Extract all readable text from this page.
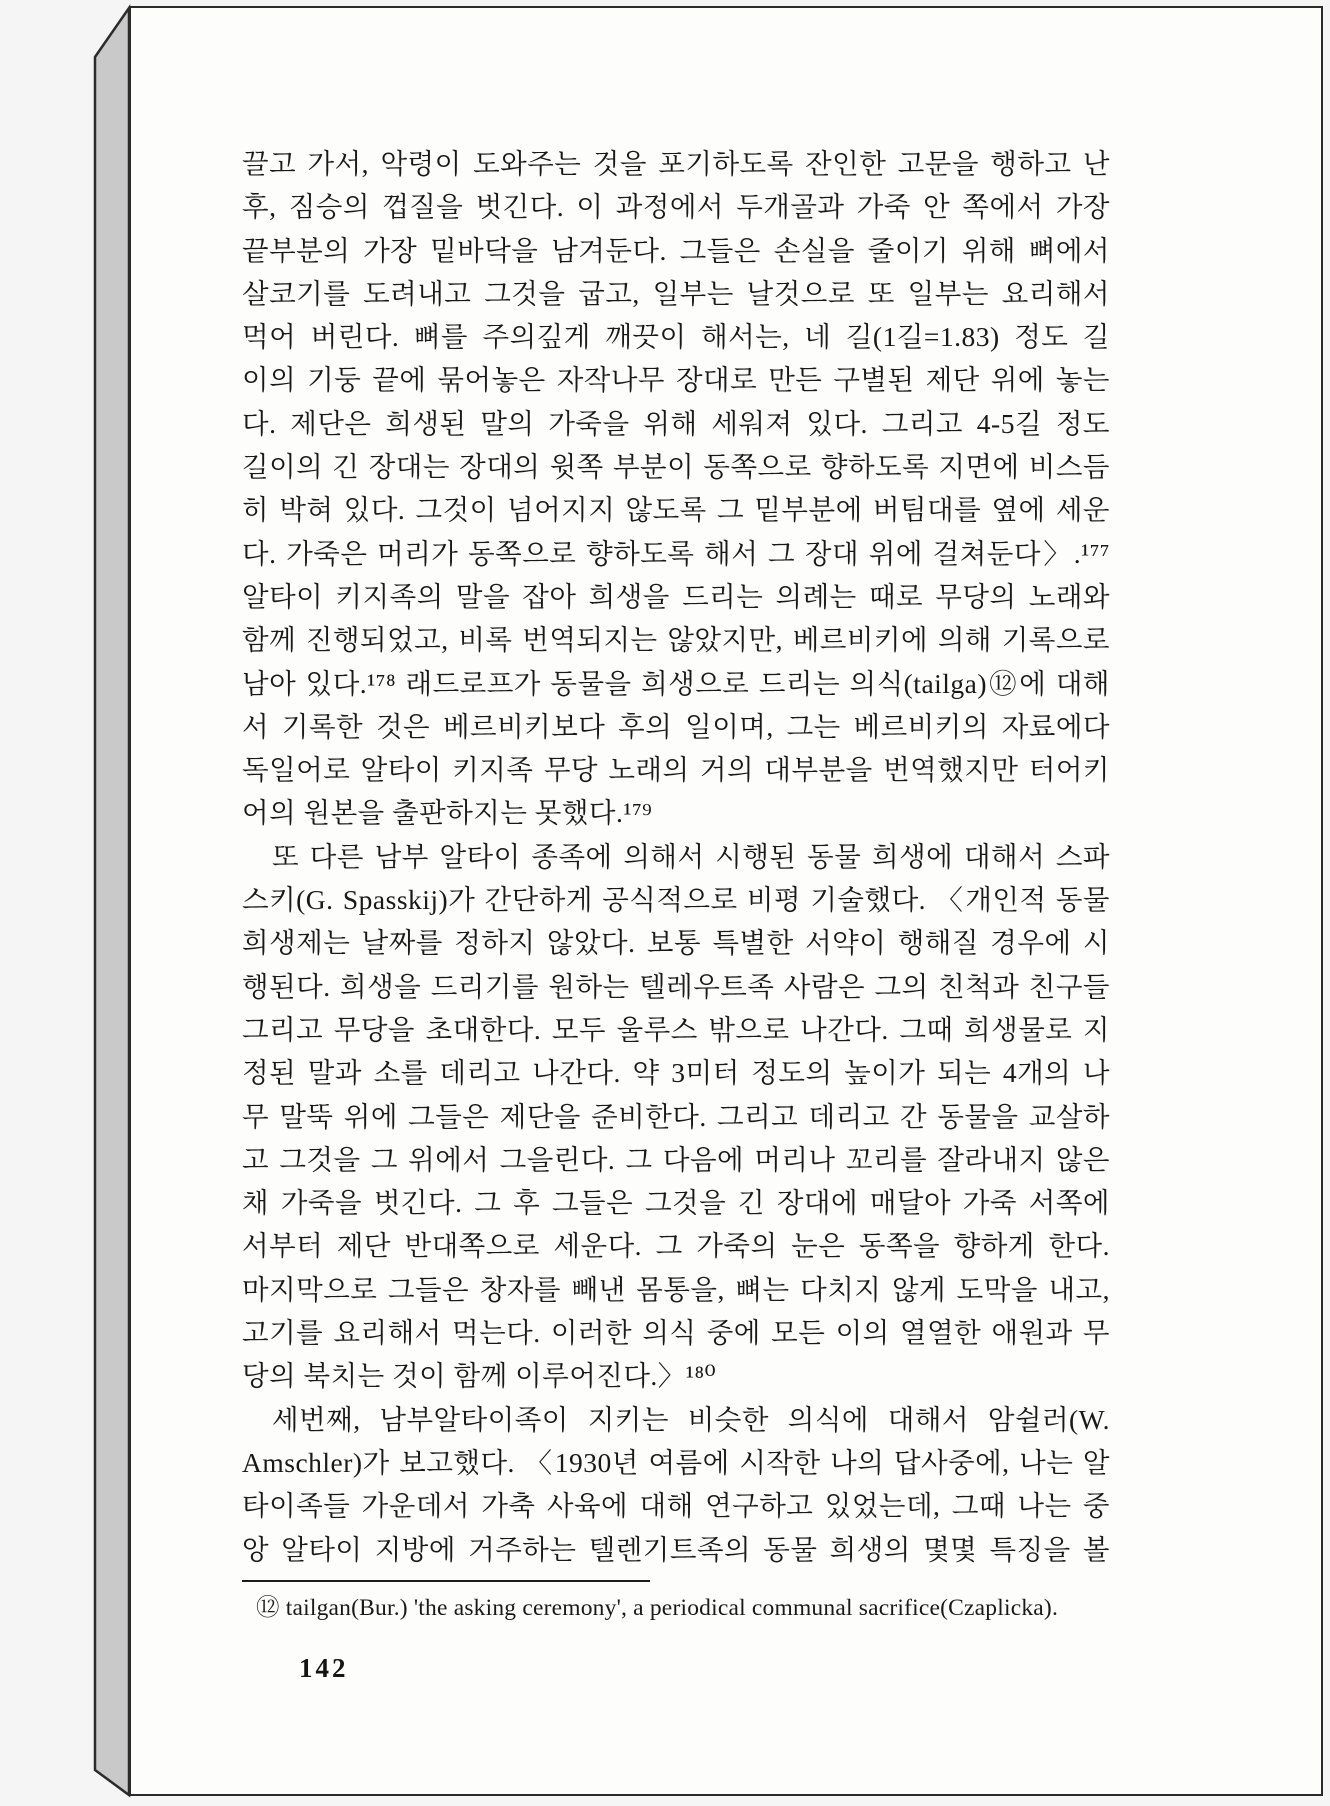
끌고 가서, 악령이 도와주는 것을 포기하도록 잔인한 고문을 행하고 난
후, 짐승의 껍질을 벗긴다. 이 과정에서 두개골과 가죽 안 쪽에서 가장
끝부분의 가장 밑바닥을 남겨둔다. 그들은 손실을 줄이기 위해 뼈에서
살코기를 도려내고 그것을 굽고, 일부는 날것으로 또 일부는 요리해서
먹어 버린다. 뼈를 주의깊게 깨끗이 해서는, 네 길(1길=1.83) 정도 길
이의 기둥 끝에 묶어놓은 자작나무 장대로 만든 구별된 제단 위에 놓는
다. 제단은 희생된 말의 가죽을 위해 세워져 있다. 그리고 4-5길 정도
길이의 긴 장대는 장대의 윗쪽 부분이 동쪽으로 향하도록 지면에 비스듬
히 박혀 있다. 그것이 넘어지지 않도록 그 밑부분에 버팀대를 옆에 세운
다. 가죽은 머리가 동쪽으로 향하도록 해서 그 장대 위에 걸쳐둔다〉.¹⁷⁷
알타이 키지족의 말을 잡아 희생을 드리는 의례는 때로 무당의 노래와
함께 진행되었고, 비록 번역되지는 않았지만, 베르비키에 의해 기록으로
남아 있다.¹⁷⁸ 래드로프가 동물을 희생으로 드리는 의식(tailga)⑫에 대해
서 기록한 것은 베르비키보다 후의 일이며, 그는 베르비키의 자료에다
독일어로 알타이 키지족 무당 노래의 거의 대부분을 번역했지만 터어키
어의 원본을 출판하지는 못했다.¹⁷⁹
또 다른 남부 알타이 종족에 의해서 시행된 동물 희생에 대해서 스파
스키(G. Spasskij)가 간단하게 공식적으로 비평 기술했다. 〈개인적 동물
희생제는 날짜를 정하지 않았다. 보통 특별한 서약이 행해질 경우에 시
행된다. 희생을 드리기를 원하는 텔레우트족 사람은 그의 친척과 친구들
그리고 무당을 초대한다. 모두 울루스 밖으로 나간다. 그때 희생물로 지
정된 말과 소를 데리고 나간다. 약 3미터 정도의 높이가 되는 4개의 나
무 말뚝 위에 그들은 제단을 준비한다. 그리고 데리고 간 동물을 교살하
고 그것을 그 위에서 그을린다. 그 다음에 머리나 꼬리를 잘라내지 않은
채 가죽을 벗긴다. 그 후 그들은 그것을 긴 장대에 매달아 가죽 서쪽에
서부터 제단 반대쪽으로 세운다. 그 가죽의 눈은 동쪽을 향하게 한다.
마지막으로 그들은 창자를 빼낸 몸통을, 뼈는 다치지 않게 도막을 내고,
고기를 요리해서 먹는다. 이러한 의식 중에 모든 이의 열열한 애원과 무
당의 북치는 것이 함께 이루어진다.〉¹⁸⁰
세번째, 남부알타이족이 지키는 비슷한 의식에 대해서 암쉴러(W.
Amschler)가 보고했다. 〈1930년 여름에 시작한 나의 답사중에, 나는 알
타이족들 가운데서 가축 사육에 대해 연구하고 있었는데, 그때 나는 중
앙 알타이 지방에 거주하는 텔렌기트족의 동물 희생의 몇몇 특징을 볼
⑫ tailgan(Bur.) 'the asking ceremony', a periodical communal sacrifice(Czaplicka).
142
